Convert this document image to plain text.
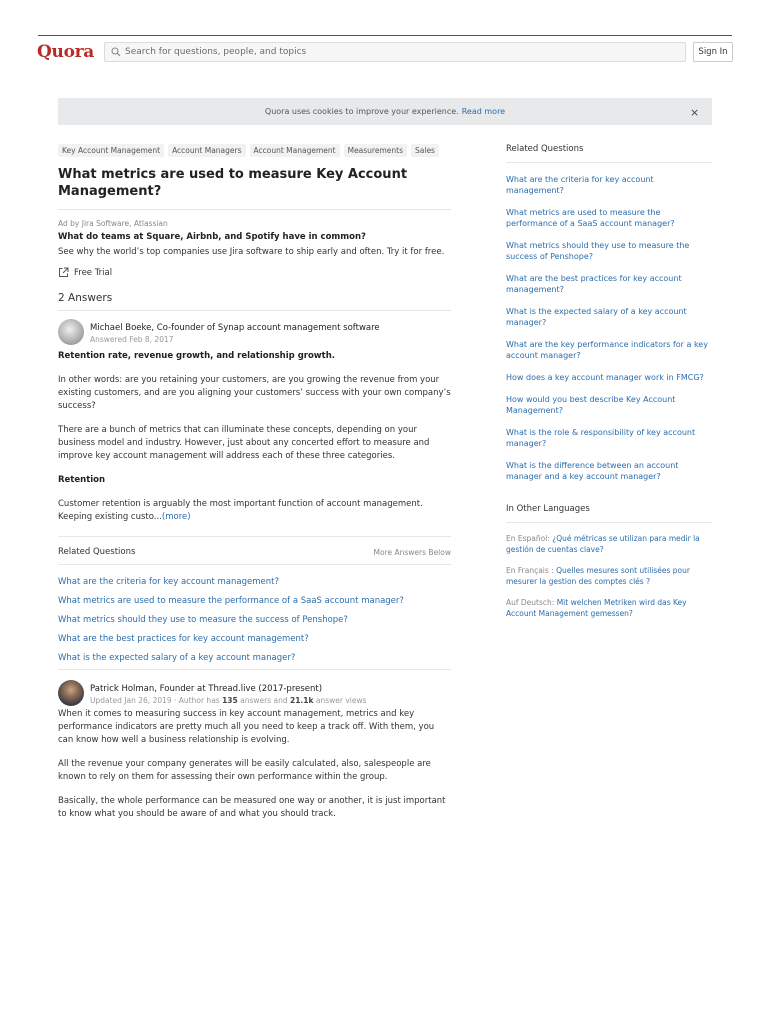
Quora
Search for questions, people, and topics	Sign In
Quora uses cookies to improve your experience. Read more	×
Key Account Management	Account Managers	Account Management	Measurements	Sales
What metrics are used to measure Key Account Management?
Ad by Jira Software, Atlassian
What do teams at Square, Airbnb, and Spotify have in common?
See why the world’s top companies use Jira software to ship early and often. Try it for free.
Free Trial
2 Answers
Michael Boeke, Co-founder of Synap account management software
Answered Feb 8, 2017

Retention rate, revenue growth, and relationship growth.

In other words: are you retaining your customers, are you growing the revenue from your existing customers, and are you aligning your customers’ success with your own company’s success?

There are a bunch of metrics that can illuminate these concepts, depending on your business model and industry. However, just about any concerted effort to measure and improve key account management will address each of these three categories.

Retention

Customer retention is arguably the most important function of account management. Keeping existing custo...(more)

Related Questions	More Answers Below
What are the criteria for key account management?
What metrics are used to measure the performance of a SaaS account manager?
What metrics should they use to measure the success of Penshope?
What are the best practices for key account management?
What is the expected salary of a key account manager?
Patrick Holman, Founder at Thread.live (2017-present)
Updated Jan 26, 2019 · Author has 135 answers and 21.1k answer views

When it comes to measuring success in key account management, metrics and key performance indicators are pretty much all you need to keep a track off. With them, you can know how well a business relationship is evolving.

All the revenue your company generates will be easily calculated, also, salespeople are known to rely on them for assessing their own performance within the group.

Basically, the whole performance can be measured one way or another, it is just important to know what you should be aware of and what you should track.

Related Questions
What are the criteria for key account management?
What metrics are used to measure the performance of a SaaS account manager?
What metrics should they use to measure the success of Penshope?
What are the best practices for key account management?
What is the expected salary of a key account manager?
What are the key performance indicators for a key account manager?
How does a key account manager work in FMCG?
How would you best describe Key Account Management?
What is the role & responsibility of key account manager?
What is the difference between an account manager and a key account manager?
In Other Languages
En Español: ¿Qué métricas se utilizan para medir la gestión de cuentas clave?
En Français : Quelles mesures sont utilisées pour mesurer la gestion des comptes clés ?
Auf Deutsch: Mit welchen Metriken wird das Key Account Management gemessen?
